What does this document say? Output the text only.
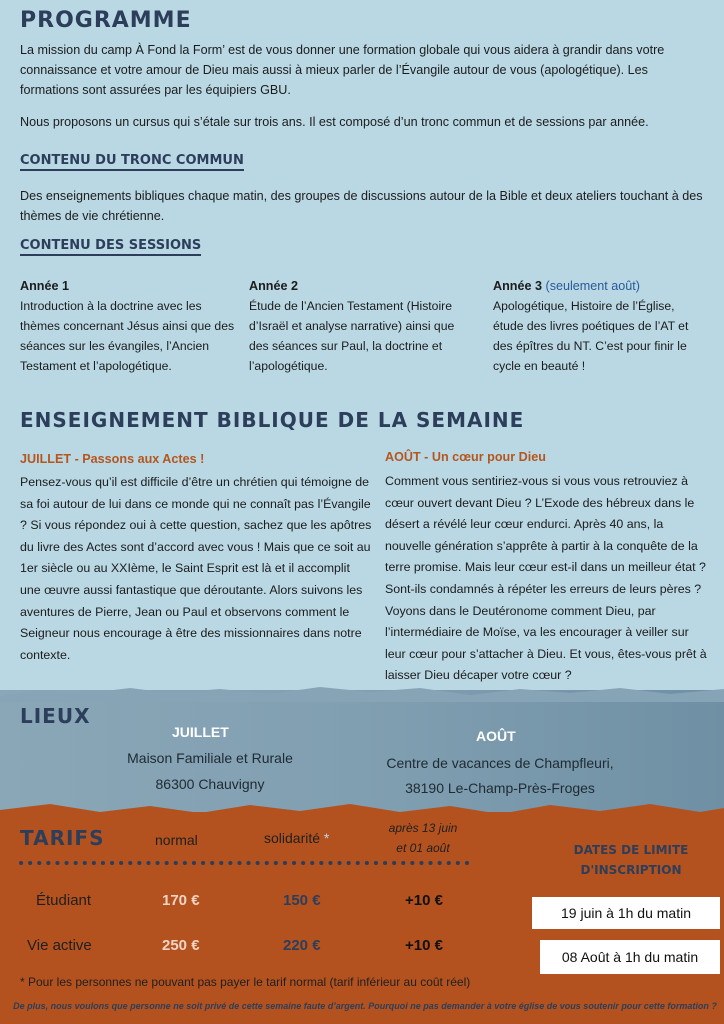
PROGRAMME
La mission du camp À Fond la Form’ est de vous donner une formation globale qui vous aidera à grandir dans votre connaissance et votre amour de Dieu mais aussi à mieux parler de l’Évangile autour de vous (apologétique). Les formations sont assurées par les équipiers GBU.
Nous proposons un cursus qui s’étale sur trois ans. Il est composé d’un tronc commun et de sessions par année.
CONTENU DU TRONC COMMUN
Des enseignements bibliques chaque matin, des groupes de discussions autour de la Bible et deux ateliers touchant à des thèmes de vie chrétienne.
CONTENU DES SESSIONS
Année 1
Introduction à la doctrine avec les thèmes concernant Jésus ainsi que des séances sur les évangiles, l’Ancien Testament et l’apologétique.
Année 2
Étude de l’Ancien Testament (Histoire d’Israël et analyse narrative) ainsi que des séances sur Paul, la doctrine et l’apologétique.
Année 3 (seulement août)
Apologétique, Histoire de l’Église, étude des livres poétiques de l’AT et des épîtres du NT. C’est pour finir le cycle en beauté !
ENSEIGNEMENT BIBLIQUE DE LA SEMAINE
JUILLET - Passons aux Actes !
Pensez-vous qu’il est difficile d’être un chrétien qui témoigne de sa foi autour de lui dans ce monde qui ne connaît pas l’Évangile ? Si vous répondez oui à cette question, sachez que les apôtres du livre des Actes sont d’accord avec vous ! Mais que ce soit au 1er siècle ou au XXIème, le Saint Esprit est là et il accomplit une œuvre aussi fantastique que déroutante. Alors suivons les aventures de Pierre, Jean ou Paul et observons comment le Seigneur nous encourage à être des missionnaires dans notre contexte.
AOÛT - Un cœur pour Dieu
Comment vous sentiriez-vous si vous vous retrouviez à cœur ouvert devant Dieu ? L’Exode des hébreux dans le désert a révélé leur cœur endurci. Après 40 ans, la nouvelle génération s’apprête à partir à la conquête de la terre promise. Mais leur cœur est-il dans un meilleur état ? Sont-ils condamnés à répéter les erreurs de leurs pères ? Voyons dans le Deutéronome comment Dieu, par l’intermédiaire de Moïse, va les encourager à veiller sur leur cœur pour s’attacher à Dieu. Et vous, êtes-vous prêt à laisser Dieu décaper votre cœur ?
LIEUX
JUILLET
Maison Familiale et Rurale
86300 Chauvigny
AOÛT
Centre de vacances de Champfleuri,
38190 Le-Champ-Près-Froges
TARIFS	normal	solidarité *
après 13 juin
et 01 août
Étudiant	170 €	150 €	+10 €
Vie active	250 €	220 €	+10 €
* Pour les personnes ne pouvant pas payer le tarif normal (tarif inférieur au coût réel)
De plus, nous voulons que personne ne soit privé de cette semaine faute d’argent. Pourquoi ne pas demander à votre église de vous soutenir pour cette formation ?
DATES DE LIMITE
D'INSCRIPTION
19 juin à 1h du matin
08 Août à 1h du matin
